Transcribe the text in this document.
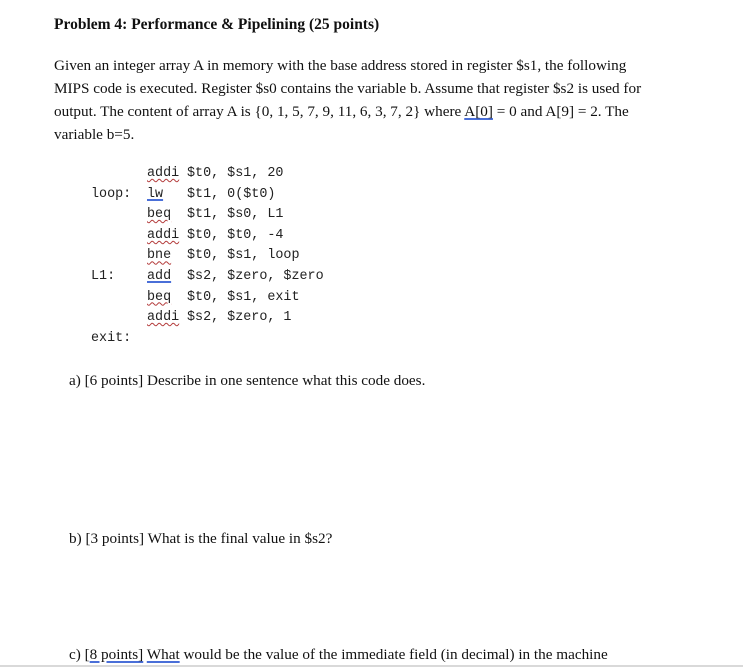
Problem 4: Performance & Pipelining (25 points)
Given an integer array A in memory with the base address stored in register $s1, the following
MIPS code is executed. Register $s0 contains the variable b. Assume that register $s2 is used for
output. The content of array A is {0, 1, 5, 7, 9, 11, 6, 3, 7, 2} where A[0] = 0 and A[9] = 2. The
variable b=5.
addi $t0, $s1, 20
loop: lw $t1, 0($t0)
beq $t1, $s0, L1
addi $t0, $t0, -4
bne $t0, $s1, loop
L1: add $s2, $zero, $zero
beq $t0, $s1, exit
addi $s2, $zero, 1
exit:

a) [6 points] Describe in one sentence what this code does.

b) [3 points] What is the final value in $s2?

c) [8 points] What would be the value of the immediate field (in decimal) in the machine
